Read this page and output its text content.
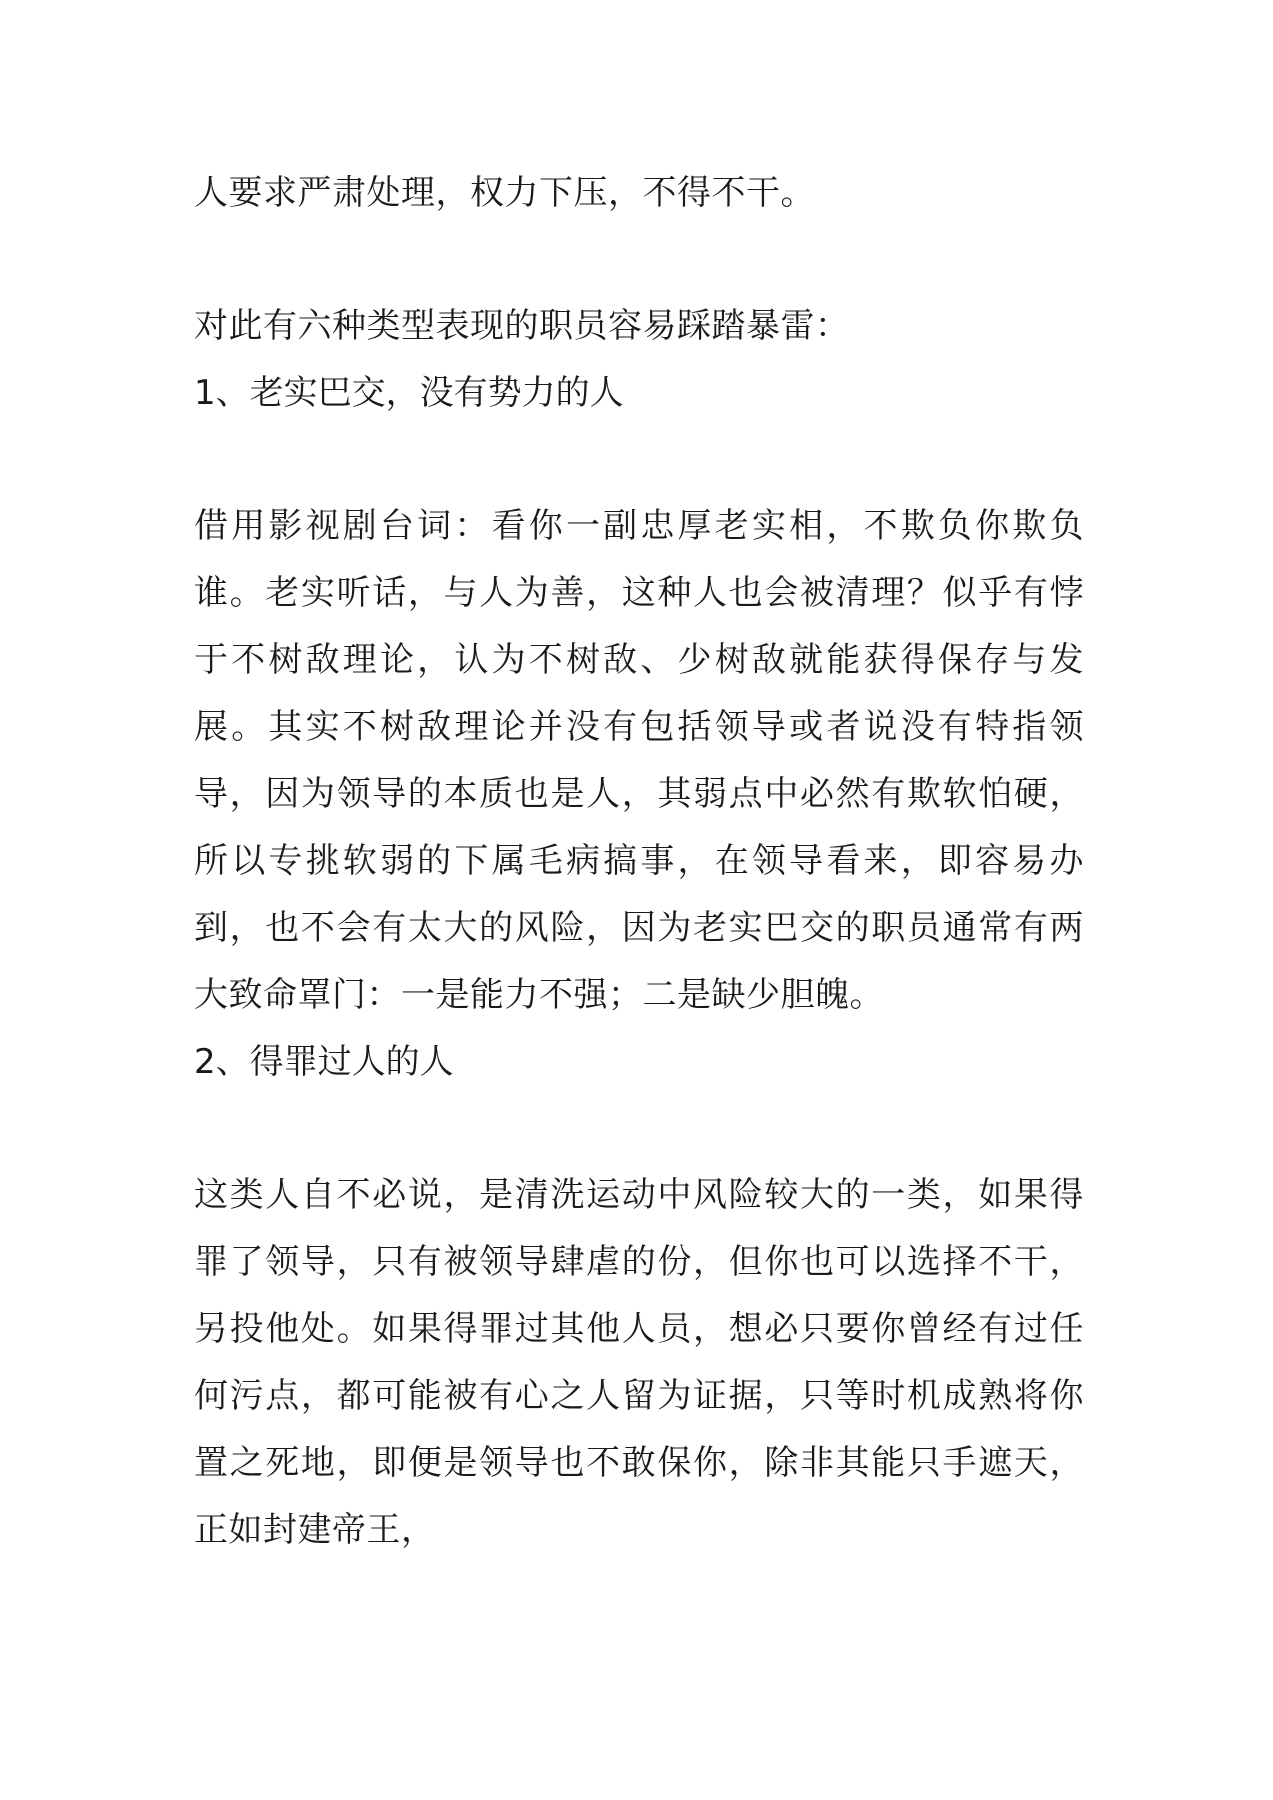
人要求严肃处理，权力下压，不得不干。

对此有六种类型表现的职员容易踩踏暴雷：

1、老实巴交，没有势力的人

借用影视剧台词：看你一副忠厚老实相，不欺负你欺负谁。老实听话，与人为善，这种人也会被清理？似乎有悖于不树敌理论，认为不树敌、少树敌就能获得保存与发展。其实不树敌理论并没有包括领导或者说没有特指领导，因为领导的本质也是人，其弱点中必然有欺软怕硬，所以专挑软弱的下属毛病搞事，在领导看来，即容易办到，也不会有太大的风险，因为老实巴交的职员通常有两大致命罩门：一是能力不强；二是缺少胆魄。

2、得罪过人的人

这类人自不必说，是清洗运动中风险较大的一类，如果得罪了领导，只有被领导肆虐的份，但你也可以选择不干，另投他处。如果得罪过其他人员，想必只要你曾经有过任何污点，都可能被有心之人留为证据，只等时机成熟将你置之死地，即便是领导也不敢保你，除非其能只手遮天，正如封建帝王，
